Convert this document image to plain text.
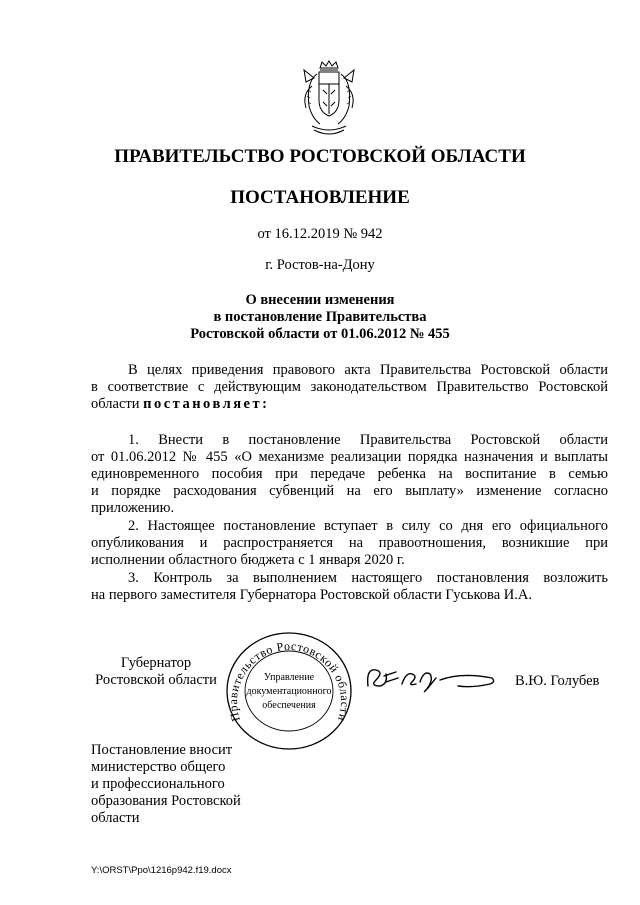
ПРАВИТЕЛЬСТВО РОСТОВСКОЙ ОБЛАСТИ
ПОСТАНОВЛЕНИЕ
от 16.12.2019 № 942
г. Ростов-на-Дону
О внесении изменения
в постановление Правительства
Ростовской области от 01.06.2012 № 455
В целях приведения правового акта Правительства Ростовской области
в соответствие с действующим законодательством Правительство Ростовской
области постановляет:
1. Внести в постановление Правительства Ростовской области
от 01.06.2012 № 455 «О механизме реализации порядка назначения и выплаты
единовременного пособия при передаче ребенка на воспитание в семью
и порядке расходования субвенций на его выплату» изменение согласно
приложению.
2. Настоящее постановление вступает в силу со дня его официального
опубликования и распространяется на правоотношения, возникшие при
исполнении областного бюджета с 1 января 2020 г.
3. Контроль за выполнением настоящего постановления возложить
на первого заместителя Губернатора Ростовской области Гуськова И.А.
Губернатор
Ростовской области
Правительство Ростовской области
Управление
документационного
обеспечения
В.Ю. Голубев
Постановление вносит
министерство общего
и профессионального
образования Ростовской
области
Y:\ORST\Ppo\1216p942.f19.docx
